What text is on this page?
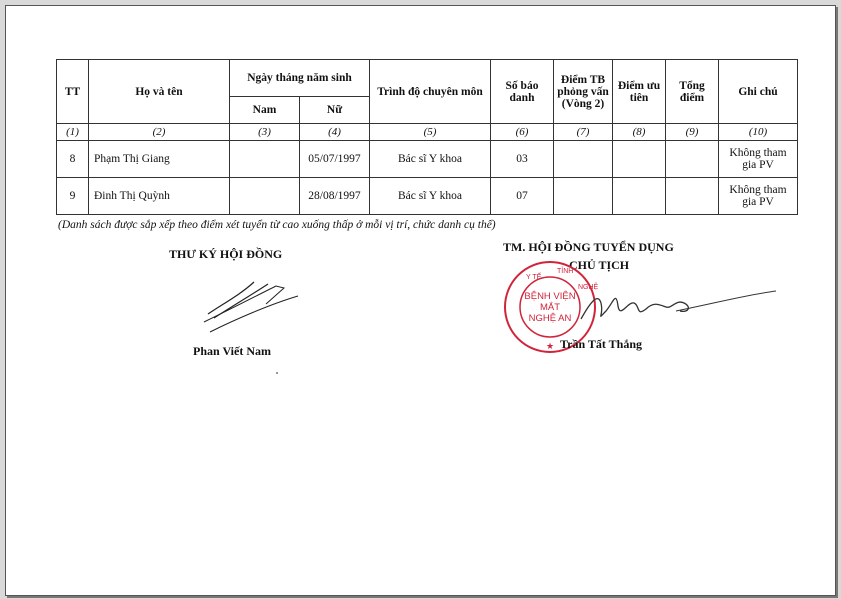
TT	Họ và tên	Ngày tháng năm sinh		Trình độ chuyên môn	Số báo danh	Điểm TB phỏng vấn (Vòng 2)	Điểm ưu tiên	Tổng điểm	Ghi chú
		Nam	Nữ						
(1)	(2)	(3)	(4)	(5)	(6)	(7)	(8)	(9)	(10)
8	Phạm Thị Giang		05/07/1997	Bác sĩ Y khoa	03				Không tham gia PV
9	Đinh Thị Quỳnh		28/08/1997	Bác sĩ Y khoa	07				Không tham gia PV
(Danh sách được sắp xếp theo điểm xét tuyển từ cao xuống thấp ở mỗi vị trí, chức danh cụ thể)
THƯ KÝ HỘI ĐỒNG
Phan Viết Nam
TM. HỘI ĐỒNG TUYỂN DỤNG
CHỦ TỊCH
Y TẾ
TỈNH
NGHỆ
★
BỆNH VIỆN
MẮT
NGHỆ AN
Trần Tất Thắng
